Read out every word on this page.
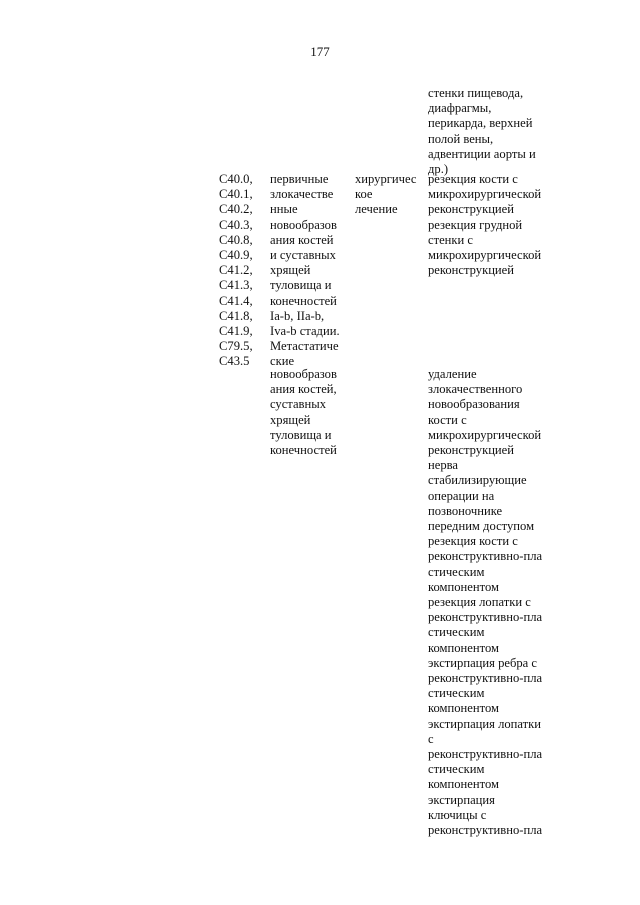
177
стенки пищевода,
диафрагмы,
перикарда, верхней
полой вены,
адвентиции аорты и
др.)
C40.0,
C40.1,
C40.2,
C40.3,
C40.8,
C40.9,
C41.2,
C41.3,
C41.4,
C41.8,
C41.9,
C79.5,
C43.5
первичные
злокачестве
нные
новообразов
ания костей
и суставных
хрящей
туловища и
конечностей
Ia-b, IIa-b,
Iva-b стадии.
Метастатиче
ские
новообразов
ания костей,
суставных
хрящей
туловища и
конечностей
хирургичес
кое
лечение
резекция кости с
микрохирургической
реконструкцией
резекция грудной
стенки с
микрохирургической
реконструкцией
удаление
злокачественного
новообразования
кости с
микрохирургической
реконструкцией
нерва
стабилизирующие
операции на
позвоночнике
передним доступом
резекция кости с
реконструктивно-пла
стическим
компонентом
резекция лопатки с
реконструктивно-пла
стическим
компонентом
экстирпация ребра с
реконструктивно-пла
стическим
компонентом
экстирпация лопатки
с
реконструктивно-пла
стическим
компонентом
экстирпация
ключицы с
реконструктивно-пла
